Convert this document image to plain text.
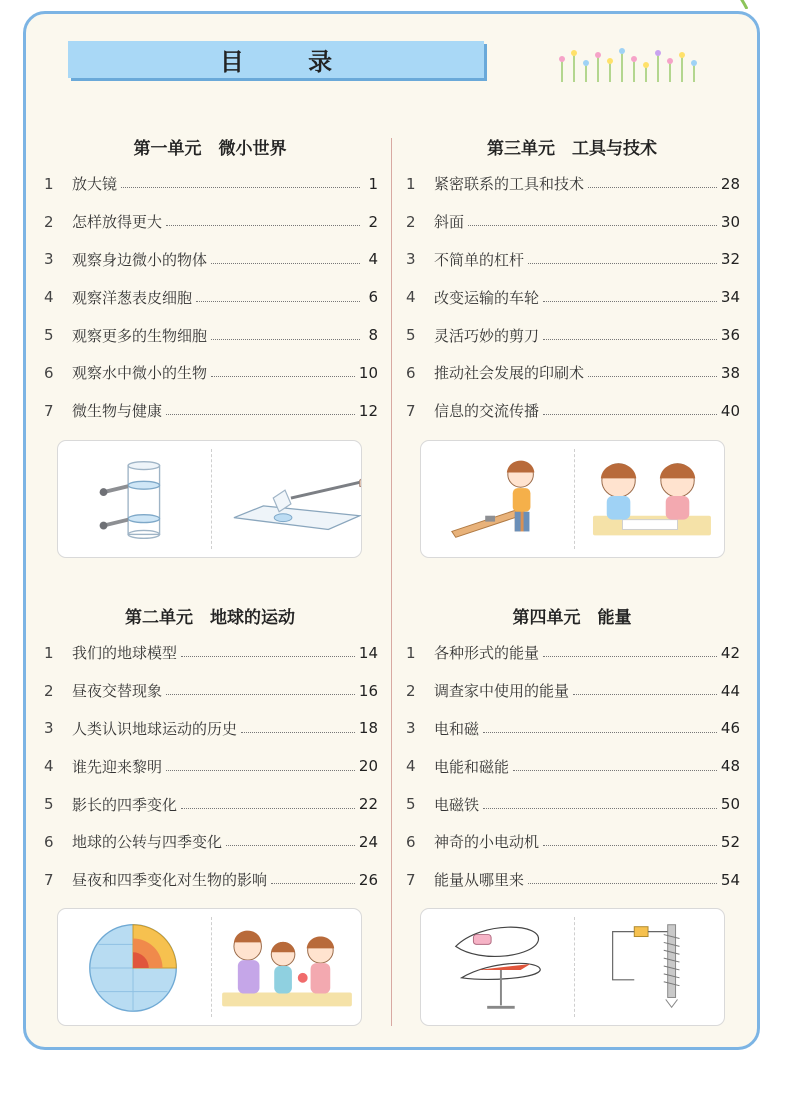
目 录
第一单元　微小世界
1	放大镜	1
2	怎样放得更大	2
3	观察身边微小的物体	4
4	观察洋葱表皮细胞	6
5	观察更多的生物细胞	8
6	观察水中微小的生物	10
7	微生物与健康	12
第二单元　地球的运动
1	我们的地球模型	14
2	昼夜交替现象	16
3	人类认识地球运动的历史	18
4	谁先迎来黎明	20
5	影长的四季变化	22
6	地球的公转与四季变化	24
7	昼夜和四季变化对生物的影响	26
第三单元　工具与技术
1	紧密联系的工具和技术	28
2	斜面	30
3	不简单的杠杆	32
4	改变运输的车轮	34
5	灵活巧妙的剪刀	36
6	推动社会发展的印刷术	38
7	信息的交流传播	40
第四单元　能量
1	各种形式的能量	42
2	调查家中使用的能量	44
3	电和磁	46
4	电能和磁能	48
5	电磁铁	50
6	神奇的小电动机	52
7	能量从哪里来	54
